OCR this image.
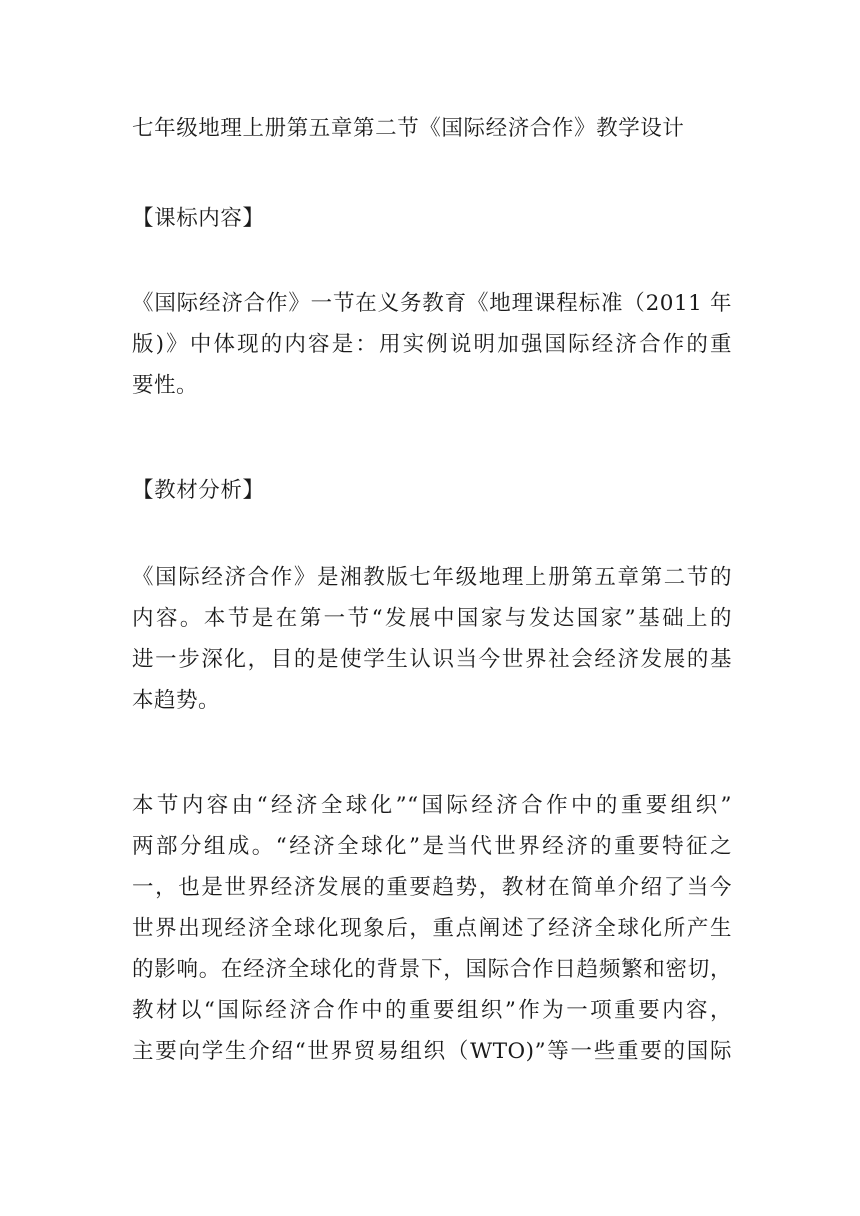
七年级地理上册第五章第二节《国际经济合作》教学设计
【课标内容】
《国际经济合作》一节在义务教育《地理课程标准（2011 年
版)》中体现的内容是：用实例说明加强国际经济合作的重
要性。
【教材分析】
《国际经济合作》是湘教版七年级地理上册第五章第二节的
内容。本节是在第一节“发展中国家与发达国家”基础上的
进一步深化，目的是使学生认识当今世界社会经济发展的基
本趋势。
本节内容由“经济全球化”“国际经济合作中的重要组织”
两部分组成。“经济全球化”是当代世界经济的重要特征之
一，也是世界经济发展的重要趋势，教材在简单介绍了当今
世界出现经济全球化现象后，重点阐述了经济全球化所产生
的影响。在经济全球化的背景下，国际合作日趋频繁和密切，
教材以“国际经济合作中的重要组织”作为一项重要内容，
主要向学生介绍“世界贸易组织（WTO)”等一些重要的国际
